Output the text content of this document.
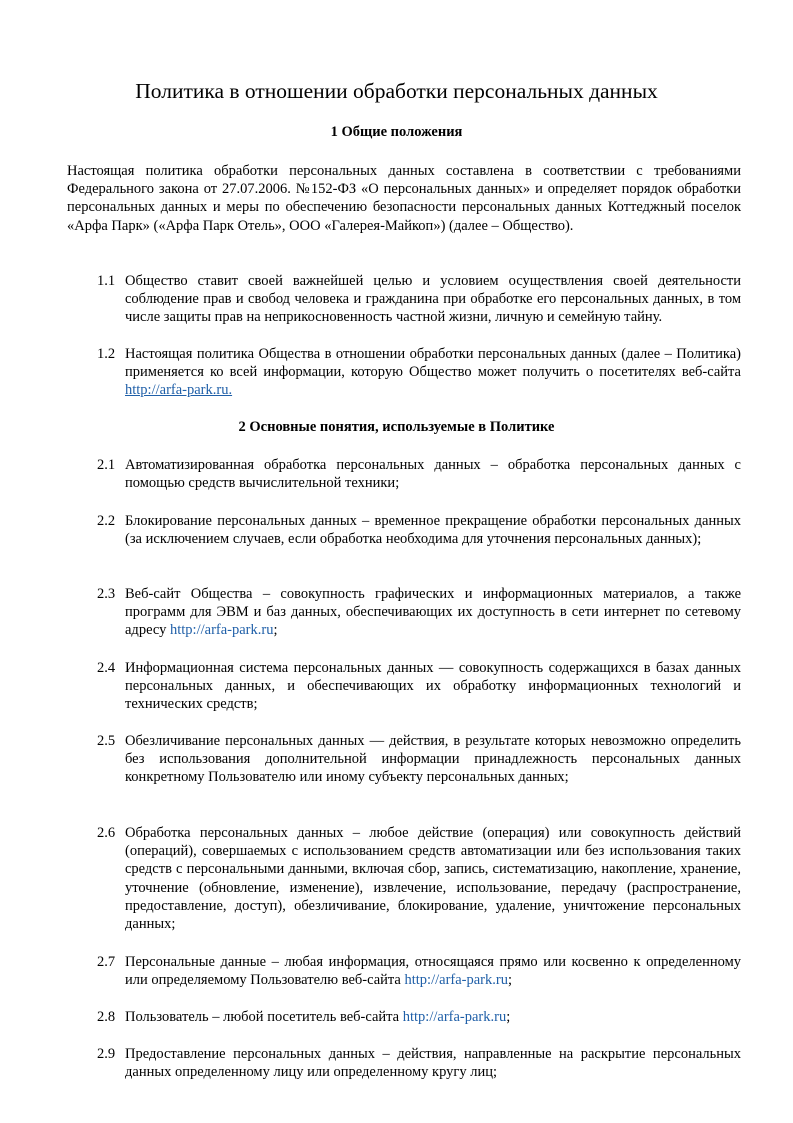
Политика в отношении обработки персональных данных
1 Общие положения
Настоящая политика обработки персональных данных составлена в соответствии с требованиями Федерального закона от 27.07.2006. №152-ФЗ «О персональных данных» и определяет порядок обработки персональных данных и меры по обеспечению безопасности персональных данных Коттеджный поселок «Арфа Парк» («Арфа Парк Отель», ООО «Галерея-Майкоп») (далее – Общество).
1.1 Общество ставит своей важнейшей целью и условием осуществления своей деятельности соблюдение прав и свобод человека и гражданина при обработке его персональных данных, в том числе защиты прав на неприкосновенность частной жизни, личную и семейную тайну.
1.2 Настоящая политика Общества в отношении обработки персональных данных (далее – Политика) применяется ко всей информации, которую Общество может получить о посетителях веб-сайта http://arfa-park.ru.
2 Основные понятия, используемые в Политике
2.1 Автоматизированная обработка персональных данных – обработка персональных данных с помощью средств вычислительной техники;
2.2 Блокирование персональных данных – временное прекращение обработки персональных данных (за исключением случаев, если обработка необходима для уточнения персональных данных);
2.3 Веб-сайт Общества – совокупность графических и информационных материалов, а также программ для ЭВМ и баз данных, обеспечивающих их доступность в сети интернет по сетевому адресу http://arfa-park.ru;
2.4 Информационная система персональных данных — совокупность содержащихся в базах данных персональных данных, и обеспечивающих их обработку информационных технологий и технических средств;
2.5 Обезличивание персональных данных — действия, в результате которых невозможно определить без использования дополнительной информации принадлежность персональных данных конкретному Пользователю или иному субъекту персональных данных;
2.6 Обработка персональных данных – любое действие (операция) или совокупность действий (операций), совершаемых с использованием средств автоматизации или без использования таких средств с персональными данными, включая сбор, запись, систематизацию, накопление, хранение, уточнение (обновление, изменение), извлечение, использование, передачу (распространение, предоставление, доступ), обезличивание, блокирование, удаление, уничтожение персональных данных;
2.7 Персональные данные – любая информация, относящаяся прямо или косвенно к определенному или определяемому Пользователю веб-сайта http://arfa-park.ru;
2.8 Пользователь – любой посетитель веб-сайта http://arfa-park.ru;
2.9 Предоставление персональных данных – действия, направленные на раскрытие персональных данных определенному лицу или определенному кругу лиц;
